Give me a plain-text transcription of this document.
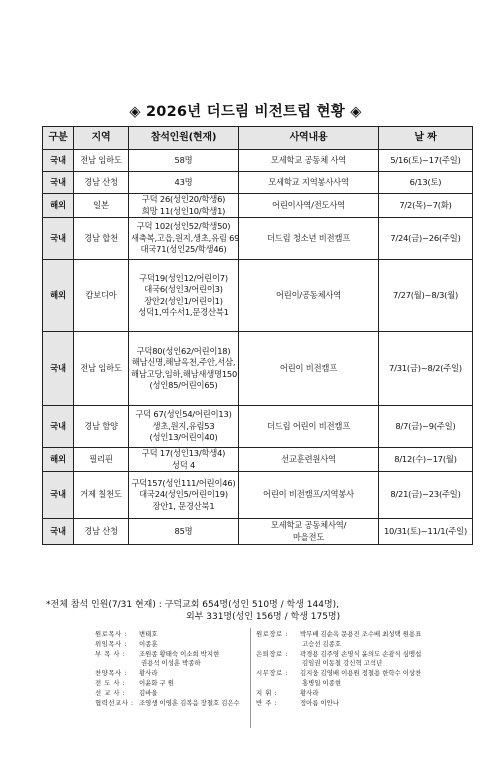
◈ 2026년 더드림 비전트립 현황 ◈
구분	지역	참석인원(현재)	사역내용	날 짜
국내	전남 임하도	58명	모세학교 공동체 사역	5/16(토)~17(주일)
국내	경남 산청	43명	모세학교 지역봉사사역	6/13(토)
해외	일본	구덕 26(성인20/학생6)
희망 11(성인10/학생1)	어린이사역/전도사역	7/2(목)~7(화)
국내	경남 합천	구덕 102(성인52/학생50)
새축복,고읍,원지,생초,유림 69
대국71(성인25/학생46)	더드림 청소년 비전캠프	7/24(금)~26(주일)
해외	캄보디아	구덕19(성인12/어린이7)
대국6(성인3/어린이3)
장안2(성인1/어린이1)
성덕1,여수서1,문경산북1	어린이/공동체사역	7/27(월)~8/3(월)
국내	전남 임하도	구덕80(성인62/어린이18)
해남신명,해남옥천,주안,서삼,
해남고당,임하,해남새생명150
(성인85/어린이65)	어린이 비전캠프	7/31(금)~8/2(주일)
국내	경남 함양	구덕 67(성인54/어린이13)
생초,원지,유림53
(성인13/어린이40)	더드림 어린이 비전캠프	8/7(금)~9(주일)
해외	필리핀	구덕 17(성인13/학생4)
성덕 4	선교훈련원사역	8/12(수)~17(월)
국내	거제 칠천도	구덕157(성인111/어린이46)
대국24(성인5/어린이19)
장안1, 문경산북1	어린이 비전캠프/지역봉사	8/21(금)~23(주일)
국내	경남 산청	85명	모세학교 공동체사역/
마을전도	10/31(토)~11/1(주일)
*전체 참석 인원(7/31 현재) : 구덕교회 654명(성인 510명 / 학생 144명),
외부 331명(성인 156명 / 학생 175명)
원로목사 : 변태호
위임목사 : 이종훈
부 목 사 : 조원종 황태숙 이소희 박지현
권용석 이성훈 박종하
찬양목사 : 황사라
전 도 사 : 이윤화 구 원
선 교 사 : 김바울
협력선교사 : 조영생 이영훈 김복음 장철호 김은수
원로장로 : 박무배 김순옥 문용진 조수배 최성택 원용표
고승선 김종호
은퇴장로 : 곽경용 김주영 손명식 윤의도 손광식 심맹섭
김임권 이동철 강신혁 고석년
시무장로 : 김지웅 김영배 이용원 정철용 한학수 이상찬
홍병일 이종현
지 휘 :	황사라
반 주 :	정아름 이안나
